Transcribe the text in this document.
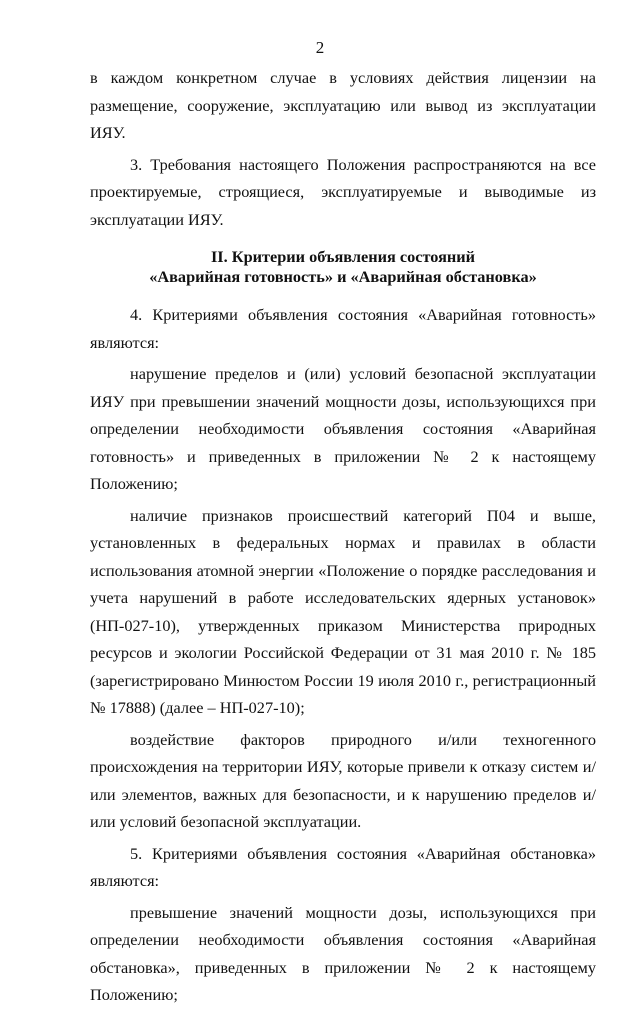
2

в каждом конкретном случае в условиях действия лицензии на размещение, сооружение, эксплуатацию или вывод из эксплуатации ИЯУ.

3. Требования настоящего Положения распространяются на все проектируемые, строящиеся, эксплуатируемые и выводимые из эксплуатации ИЯУ.

II. Критерии объявления состояний
«Аварийная готовность» и «Аварийная обстановка»

4. Критериями объявления состояния «Аварийная готовность» являются:

нарушение пределов и (или) условий безопасной эксплуатации ИЯУ при превышении значений мощности дозы, использующихся при определении необходимости объявления состояния «Аварийная готовность» и приведенных в приложении № 2 к настоящему Положению;

наличие признаков происшествий категорий П04 и выше, установленных в федеральных нормах и правилах в области использования атомной энергии «Положение о порядке расследования и учета нарушений в работе исследовательских ядерных установок» (НП-027-10), утвержденных приказом Министерства природных ресурсов и экологии Российской Федерации от 31 мая 2010 г. № 185 (зарегистрировано Минюстом России 19 июля 2010 г., регистрационный № 17888) (далее – НП-027-10);

воздействие факторов природного и/или техногенного происхождения на территории ИЯУ, которые привели к отказу систем и/или элементов, важных для безопасности, и к нарушению пределов и/или условий безопасной эксплуатации.

5. Критериями объявления состояния «Аварийная обстановка» являются:

превышение значений мощности дозы, использующихся при определении необходимости объявления состояния «Аварийная обстановка», приведенных в приложении № 2 к настоящему Положению;
